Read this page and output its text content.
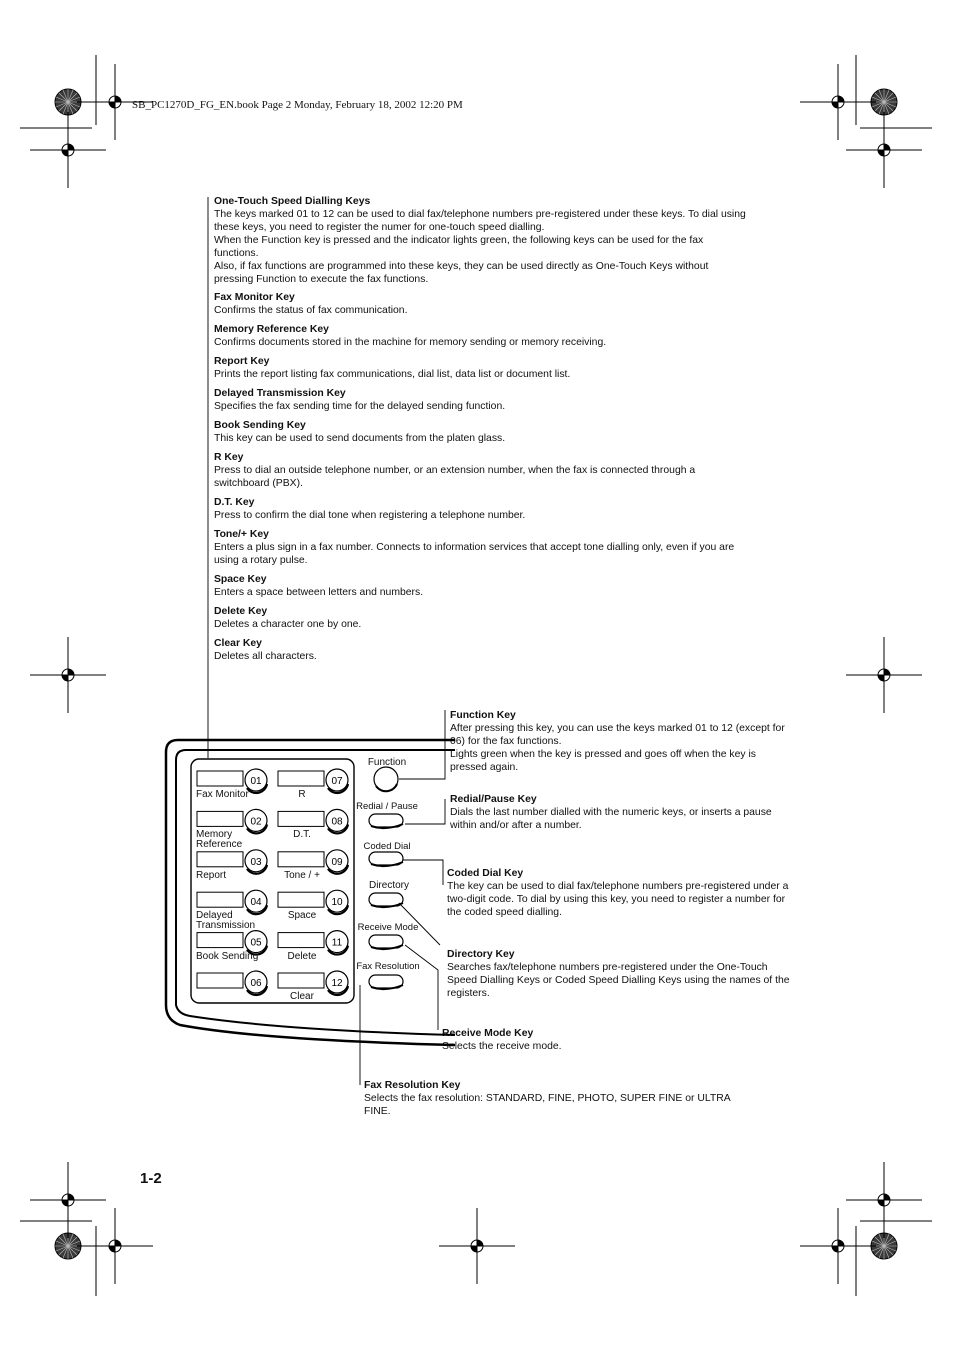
SB_PC1270D_FG_EN.book Page 2 Monday, February 18, 2002 12:20 PM
1-2
One-Touch Speed Dialling Keys
The keys marked 01 to 12 can be used to dial fax/telephone numbers pre-registered under these keys. To dial using
these keys, you need to register the numer for one-touch speed dialling.
When the Function key is pressed and the indicator lights green, the following keys can be used for the fax
functions.
Also, if fax functions are programmed into these keys, they can be used directly as One-Touch Keys without
pressing Function to execute the fax functions.
Fax Monitor Key
Confirms the status of fax communication.
Memory Reference Key
Confirms documents stored in the machine for memory sending or memory receiving.
Report Key
Prints the report listing fax communications, dial list, data list or document list.
Delayed Transmission Key
Specifies the fax sending time for the delayed sending function.
Book Sending Key
This key can be used to send documents from the platen glass.
R Key
Press to dial an outside telephone number, or an extension number, when the fax is connected through a
switchboard (PBX).
D.T. Key
Press to confirm the dial tone when registering a telephone number.
Tone/+ Key
Enters a plus sign in a fax number. Connects to information services that accept tone dialling only, even if you are
using a rotary pulse.
Space Key
Enters a space between letters and numbers.
Delete Key
Deletes a character one by one.
Clear Key
Deletes all characters.
Function Key
After pressing this key, you can use the keys marked 01 to 12 (except for
06) for the fax functions.
Lights green when the key is pressed and goes off when the key is
pressed again.
Redial/Pause Key
Dials the last number dialled with the numeric keys, or inserts a pause
within and/or after a number.
Coded Dial Key
The key can be used to dial fax/telephone numbers pre-registered under a
two-digit code. To dial by using this key, you need to register a number for
the coded speed dialling.
Directory Key
Searches fax/telephone numbers pre-registered under the One-Touch
Speed Dialling Keys or Coded Speed Dialling Keys using the names of the
registers.
Receive Mode Key
Selects the receive mode.
Fax Resolution Key
Selects the fax resolution: STANDARD, FINE, PHOTO, SUPER FINE or ULTRA
FINE.
01
02
03
04
05
06
07
08
09
10
11
12
Fax Monitor
Memory
Reference
Report
Delayed
Transmission
Book Sending
R
D.T.
Tone / +
Space
Delete
Clear
Function
Redial / Pause
Coded Dial
Directory
Receive Mode
Fax Resolution
